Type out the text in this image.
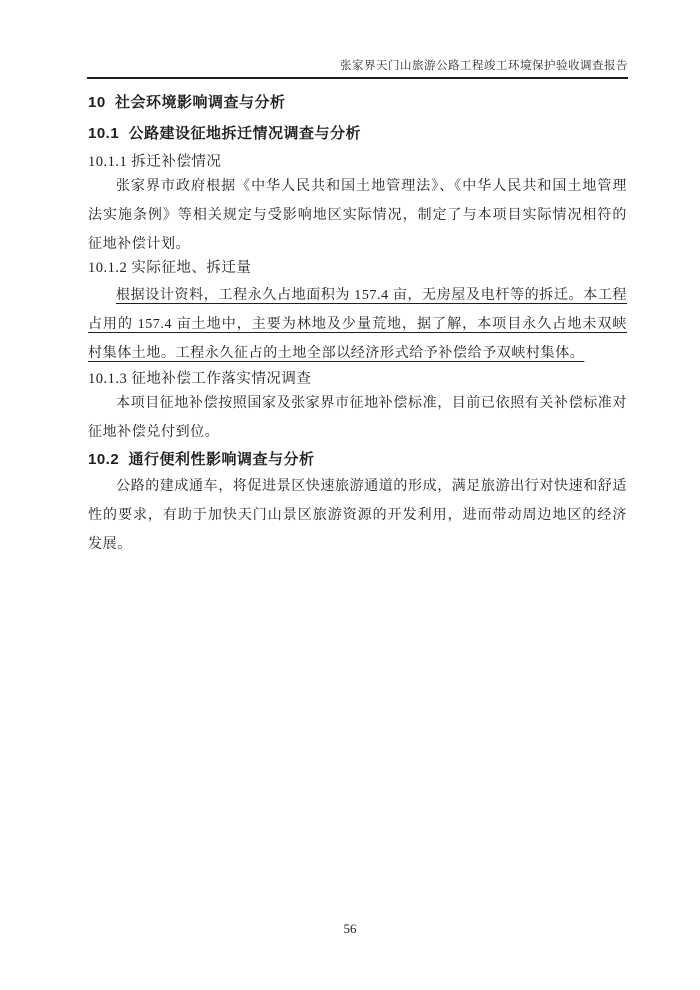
张家界天门山旅游公路工程竣工环境保护验收调查报告
10  社会环境影响调查与分析
10.1  公路建设征地拆迁情况调查与分析
10.1.1 拆迁补偿情况

张家界市政府根据《中华人民共和国土地管理法》、《中华人民共和国土地管理法实施条例》等相关规定与受影响地区实际情况，制定了与本项目实际情况相符的征地补偿计划。

10.1.2 实际征地、拆迁量

根据设计资料，工程永久占地面积为 157.4 亩，无房屋及电杆等的拆迁。本工程占用的 157.4 亩土地中，主要为林地及少量荒地，据了解，本项目永久占地未双峡村集体土地。工程永久征占的土地全部以经济形式给予补偿给予双峡村集体。

10.1.3 征地补偿工作落实情况调查

本项目征地补偿按照国家及张家界市征地补偿标准，目前已依照有关补偿标准对征地补偿兑付到位。

10.2  通行便利性影响调查与分析

公路的建成通车，将促进景区快速旅游通道的形成，满足旅游出行对快速和舒适性的要求，有助于加快天门山景区旅游资源的开发利用，进而带动周边地区的经济发展。

56
